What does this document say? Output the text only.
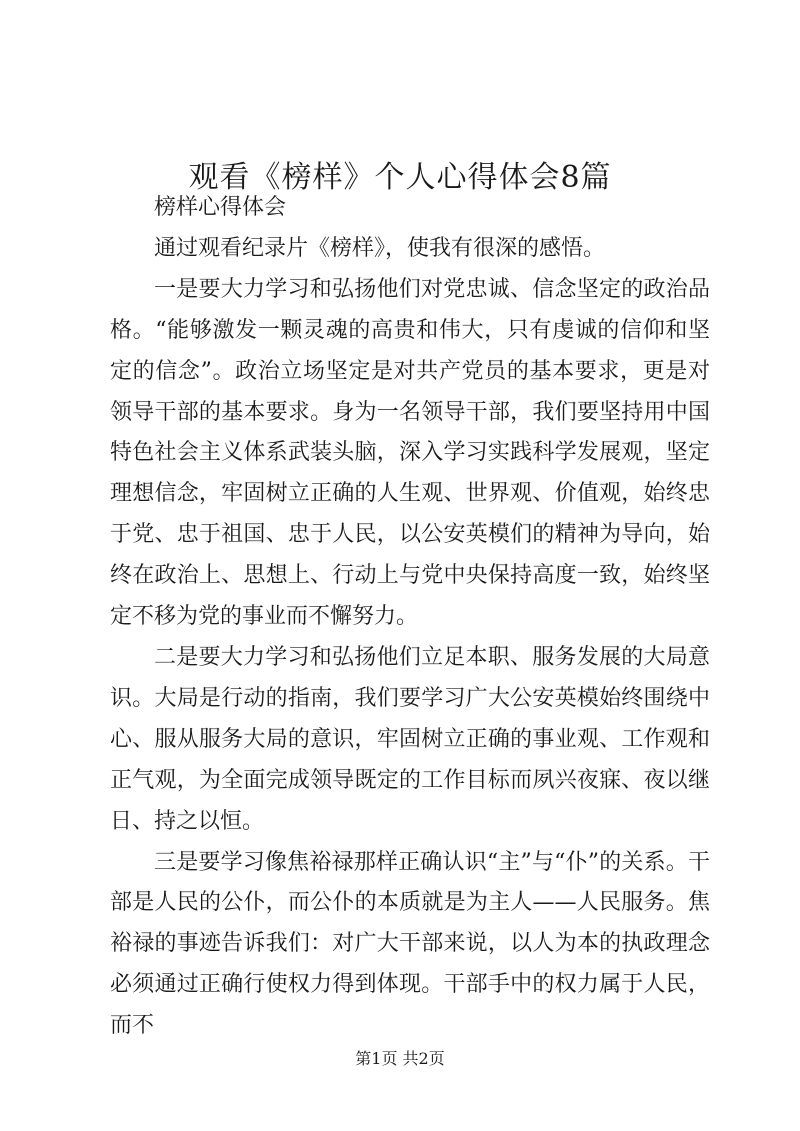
观看《榜样》个人心得体会8篇

榜样心得体会

通过观看纪录片《榜样》，使我有很深的感悟。

一是要大力学习和弘扬他们对党忠诚、信念坚定的政治品格。“能够激发一颗灵魂的高贵和伟大，只有虔诚的信仰和坚定的信念”。政治立场坚定是对共产党员的基本要求，更是对领导干部的基本要求。身为一名领导干部，我们要坚持用中国特色社会主义体系武装头脑，深入学习实践科学发展观，坚定理想信念，牢固树立正确的人生观、世界观、价值观，始终忠于党、忠于祖国、忠于人民，以公安英模们的精神为导向，始终在政治上、思想上、行动上与党中央保持高度一致，始终坚定不移为党的事业而不懈努力。

二是要大力学习和弘扬他们立足本职、服务发展的大局意识。大局是行动的指南，我们要学习广大公安英模始终围绕中心、服从服务大局的意识，牢固树立正确的事业观、工作观和正气观，为全面完成领导既定的工作目标而夙兴夜寐、夜以继日、持之以恒。

三是要学习像焦裕禄那样正确认识“主”与“仆”的关系。干部是人民的公仆，而公仆的本质就是为主人——人民服务。焦裕禄的事迹告诉我们：对广大干部来说，以人为本的执政理念必须通过正确行使权力得到体现。干部手中的权力属于人民，而不

第1页 共2页
